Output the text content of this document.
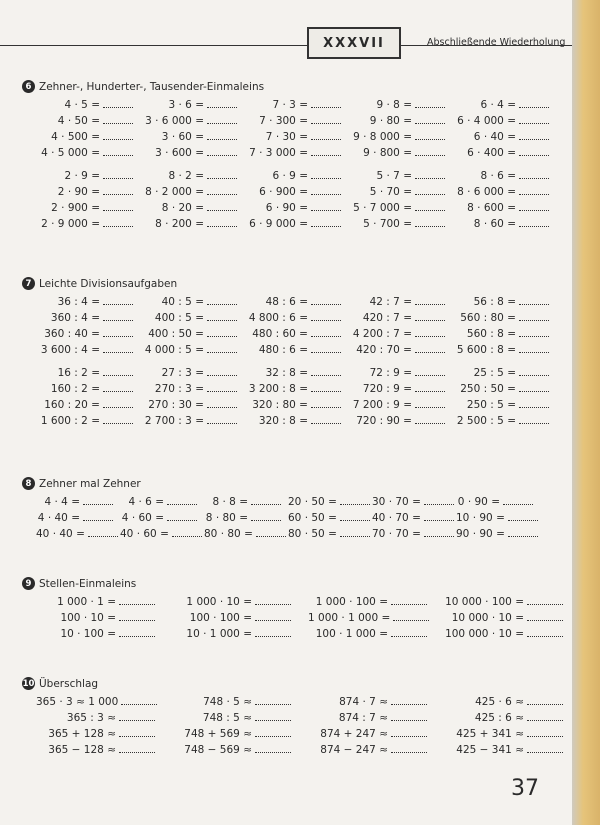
XXXVII	Abschließende Wiederholung
6 Zehner-, Hunderter-, Tausender-Einmaleins
4 · 5 =	3 · 6 =	7 · 3 =	9 · 8 =	6 · 4 =
4 · 50 =	3 · 6 000 =	7 · 300 =	9 · 80 =	6 · 4 000 =
4 · 500 =	3 · 60 =	7 · 30 =	9 · 8 000 =	6 · 40 =
4 · 5 000 =	3 · 600 =	7 · 3 000 =	9 · 800 =	6 · 400 =
2 · 9 =	8 · 2 =	6 · 9 =	5 · 7 =	8 · 6 =
2 · 90 =	8 · 2 000 =	6 · 900 =	5 · 70 =	8 · 6 000 =
2 · 900 =	8 · 20 =	6 · 90 =	5 · 7 000 =	8 · 600 =
2 · 9 000 =	8 · 200 =	6 · 9 000 =	5 · 700 =	8 · 60 =
7 Leichte Divisionsaufgaben
36 : 4 =	40 : 5 =	48 : 6 =	42 : 7 =	56 : 8 =
360 : 4 =	400 : 5 =	4 800 : 6 =	420 : 7 =	560 : 80 =
360 : 40 =	400 : 50 =	480 : 60 =	4 200 : 7 =	560 : 8 =
3 600 : 4 =	4 000 : 5 =	480 : 6 =	420 : 70 =	5 600 : 8 =
16 : 2 =	27 : 3 =	32 : 8 =	72 : 9 =	25 : 5 =
160 : 2 =	270 : 3 =	3 200 : 8 =	720 : 9 =	250 : 50 =
160 : 20 =	270 : 30 =	320 : 80 =	7 200 : 9 =	250 : 5 =
1 600 : 2 =	2 700 : 3 =	320 : 8 =	720 : 90 =	2 500 : 5 =
8 Zehner mal Zehner
4 · 4 =	4 · 6 =	8 · 8 =	20 · 50 =	30 · 70 =	0 · 90 =
4 · 40 =	4 · 60 =	8 · 80 =	60 · 50 =	40 · 70 =	10 · 90 =
40 · 40 =	40 · 60 =	80 · 80 =	80 · 50 =	70 · 70 =	90 · 90 =
9 Stellen-Einmaleins
1 000 · 1 =	1 000 · 10 =	1 000 · 100 =	10 000 · 100 =
100 · 10 =	100 · 100 =	1 000 · 1 000 =	10 000 · 10 =
10 · 100 =	10 · 1 000 =	100 · 1 000 =	100 000 · 10 =
10 Überschlag
365 · 3 ≈ 1 000	748 · 5 ≈	874 · 7 ≈	425 · 6 ≈
365 : 3 ≈	748 : 5 ≈	874 : 7 ≈	425 : 6 ≈
365 + 128 ≈	748 + 569 ≈	874 + 247 ≈	425 + 341 ≈
365 − 128 ≈	748 − 569 ≈	874 − 247 ≈	425 − 341 ≈
37
